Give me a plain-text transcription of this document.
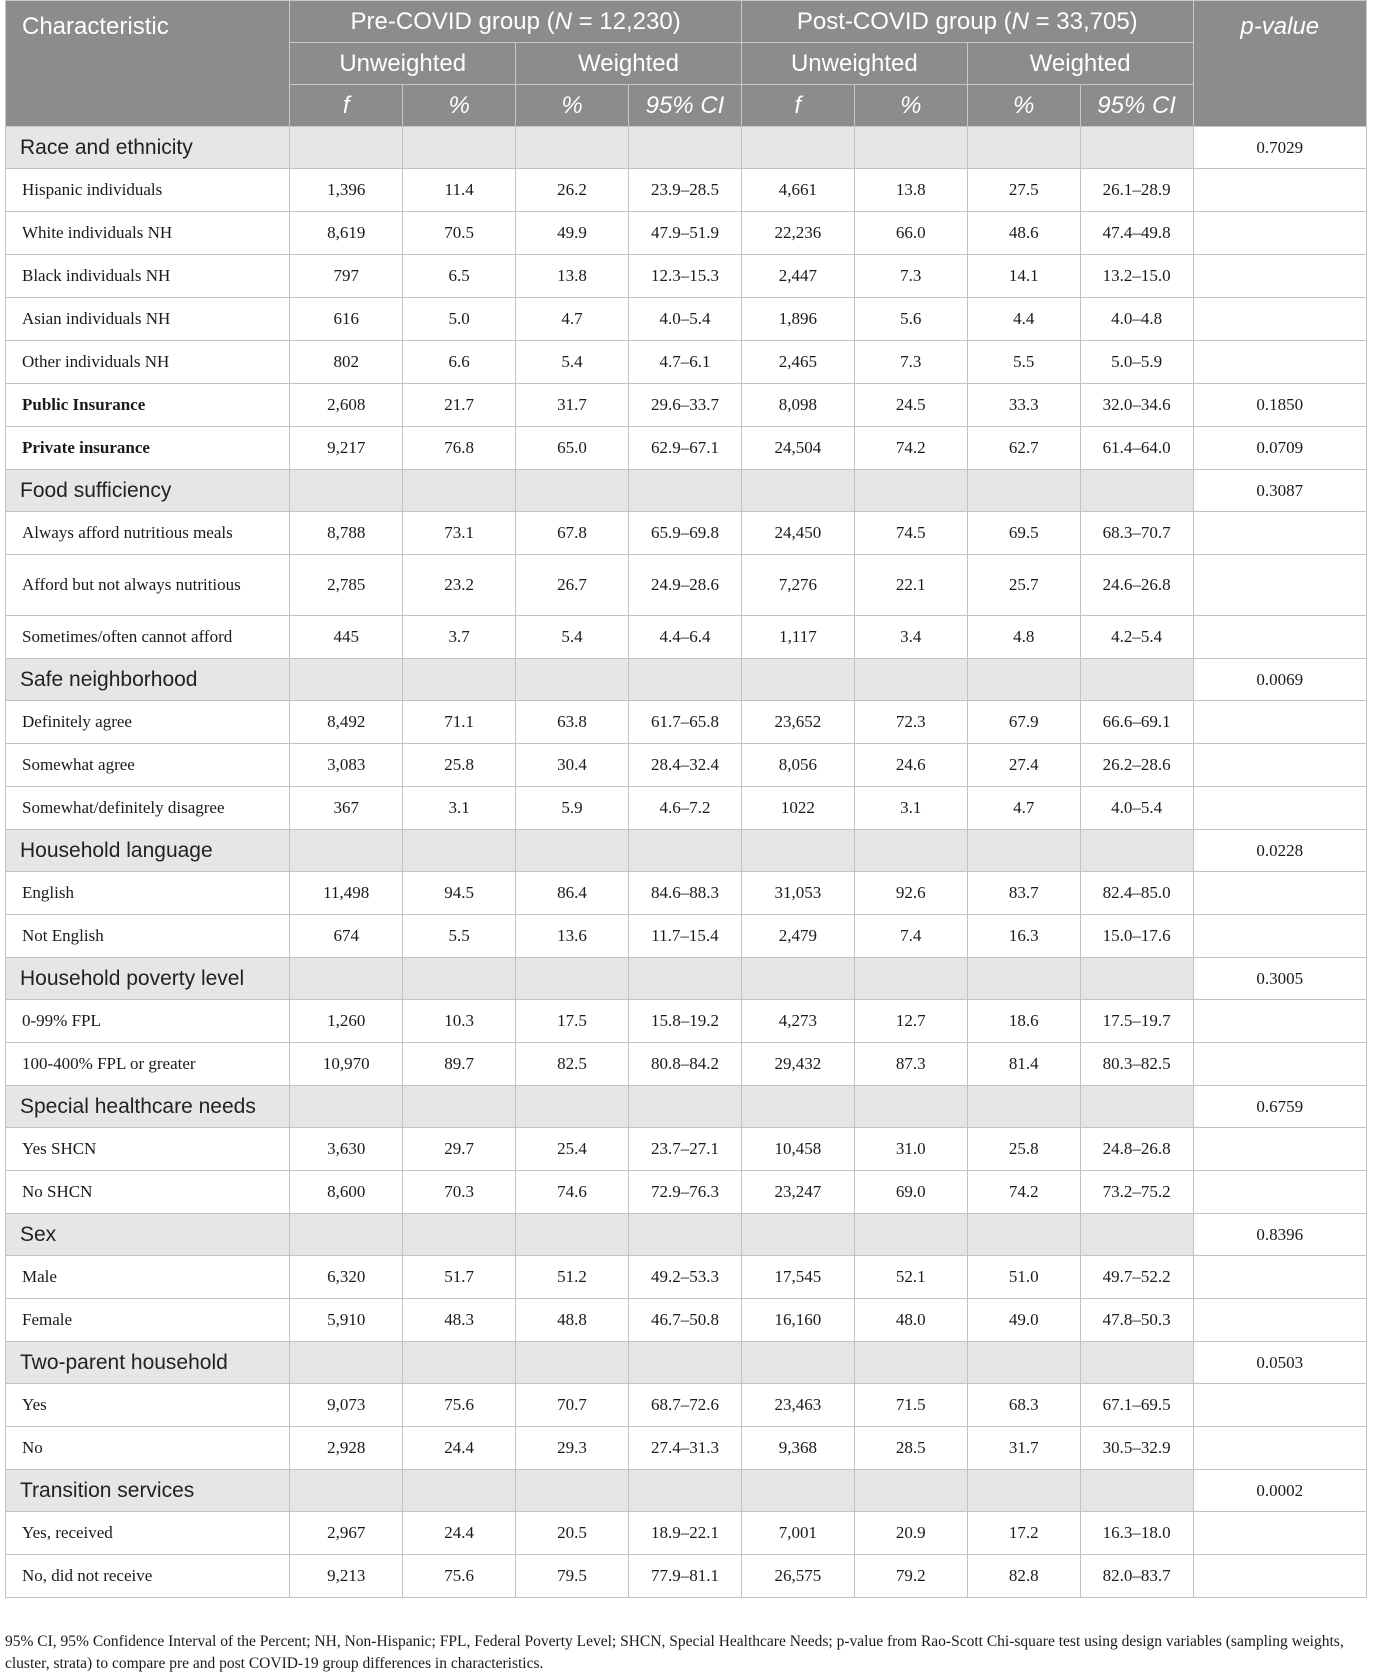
Characteristic	Pre-COVID group (N = 12,230)				Post-COVID group (N = 33,705)				p-value
	Unweighted		Weighted		Unweighted		Weighted		
	f	%	%	95% CI	f	%	%	95% CI	
Race and ethnicity									0.7029
Hispanic individuals	1,396	11.4	26.2	23.9–28.5	4,661	13.8	27.5	26.1–28.9	
White individuals NH	8,619	70.5	49.9	47.9–51.9	22,236	66.0	48.6	47.4–49.8	
Black individuals NH	797	6.5	13.8	12.3–15.3	2,447	7.3	14.1	13.2–15.0	
Asian individuals NH	616	5.0	4.7	4.0–5.4	1,896	5.6	4.4	4.0–4.8	
Other individuals NH	802	6.6	5.4	4.7–6.1	2,465	7.3	5.5	5.0–5.9	
Public Insurance	2,608	21.7	31.7	29.6–33.7	8,098	24.5	33.3	32.0–34.6	0.1850
Private insurance	9,217	76.8	65.0	62.9–67.1	24,504	74.2	62.7	61.4–64.0	0.0709
Food sufficiency									0.3087
Always afford nutritious meals	8,788	73.1	67.8	65.9–69.8	24,450	74.5	69.5	68.3–70.7	
Afford but not always nutritious	2,785	23.2	26.7	24.9–28.6	7,276	22.1	25.7	24.6–26.8	
Sometimes/often cannot afford	445	3.7	5.4	4.4–6.4	1,117	3.4	4.8	4.2–5.4	
Safe neighborhood									0.0069
Definitely agree	8,492	71.1	63.8	61.7–65.8	23,652	72.3	67.9	66.6–69.1	
Somewhat agree	3,083	25.8	30.4	28.4–32.4	8,056	24.6	27.4	26.2–28.6	
Somewhat/definitely disagree	367	3.1	5.9	4.6–7.2	1022	3.1	4.7	4.0–5.4	
Household language									0.0228
English	11,498	94.5	86.4	84.6–88.3	31,053	92.6	83.7	82.4–85.0	
Not English	674	5.5	13.6	11.7–15.4	2,479	7.4	16.3	15.0–17.6	
Household poverty level									0.3005
0-99% FPL	1,260	10.3	17.5	15.8–19.2	4,273	12.7	18.6	17.5–19.7	
100-400% FPL or greater	10,970	89.7	82.5	80.8–84.2	29,432	87.3	81.4	80.3–82.5	
Special healthcare needs									0.6759
Yes SHCN	3,630	29.7	25.4	23.7–27.1	10,458	31.0	25.8	24.8–26.8	
No SHCN	8,600	70.3	74.6	72.9–76.3	23,247	69.0	74.2	73.2–75.2	
Sex									0.8396
Male	6,320	51.7	51.2	49.2–53.3	17,545	52.1	51.0	49.7–52.2	
Female	5,910	48.3	48.8	46.7–50.8	16,160	48.0	49.0	47.8–50.3	
Two-parent household									0.0503
Yes	9,073	75.6	70.7	68.7–72.6	23,463	71.5	68.3	67.1–69.5	
No	2,928	24.4	29.3	27.4–31.3	9,368	28.5	31.7	30.5–32.9	
Transition services									0.0002
Yes, received	2,967	24.4	20.5	18.9–22.1	7,001	20.9	17.2	16.3–18.0	
No, did not receive	9,213	75.6	79.5	77.9–81.1	26,575	79.2	82.8	82.0–83.7	
95% CI, 95% Confidence Interval of the Percent; NH, Non-Hispanic; FPL, Federal Poverty Level; SHCN, Special Healthcare Needs; p-value from Rao-Scott Chi-square test using design variables (sampling weights, cluster, strata) to compare pre and post COVID-19 group differences in characteristics.
